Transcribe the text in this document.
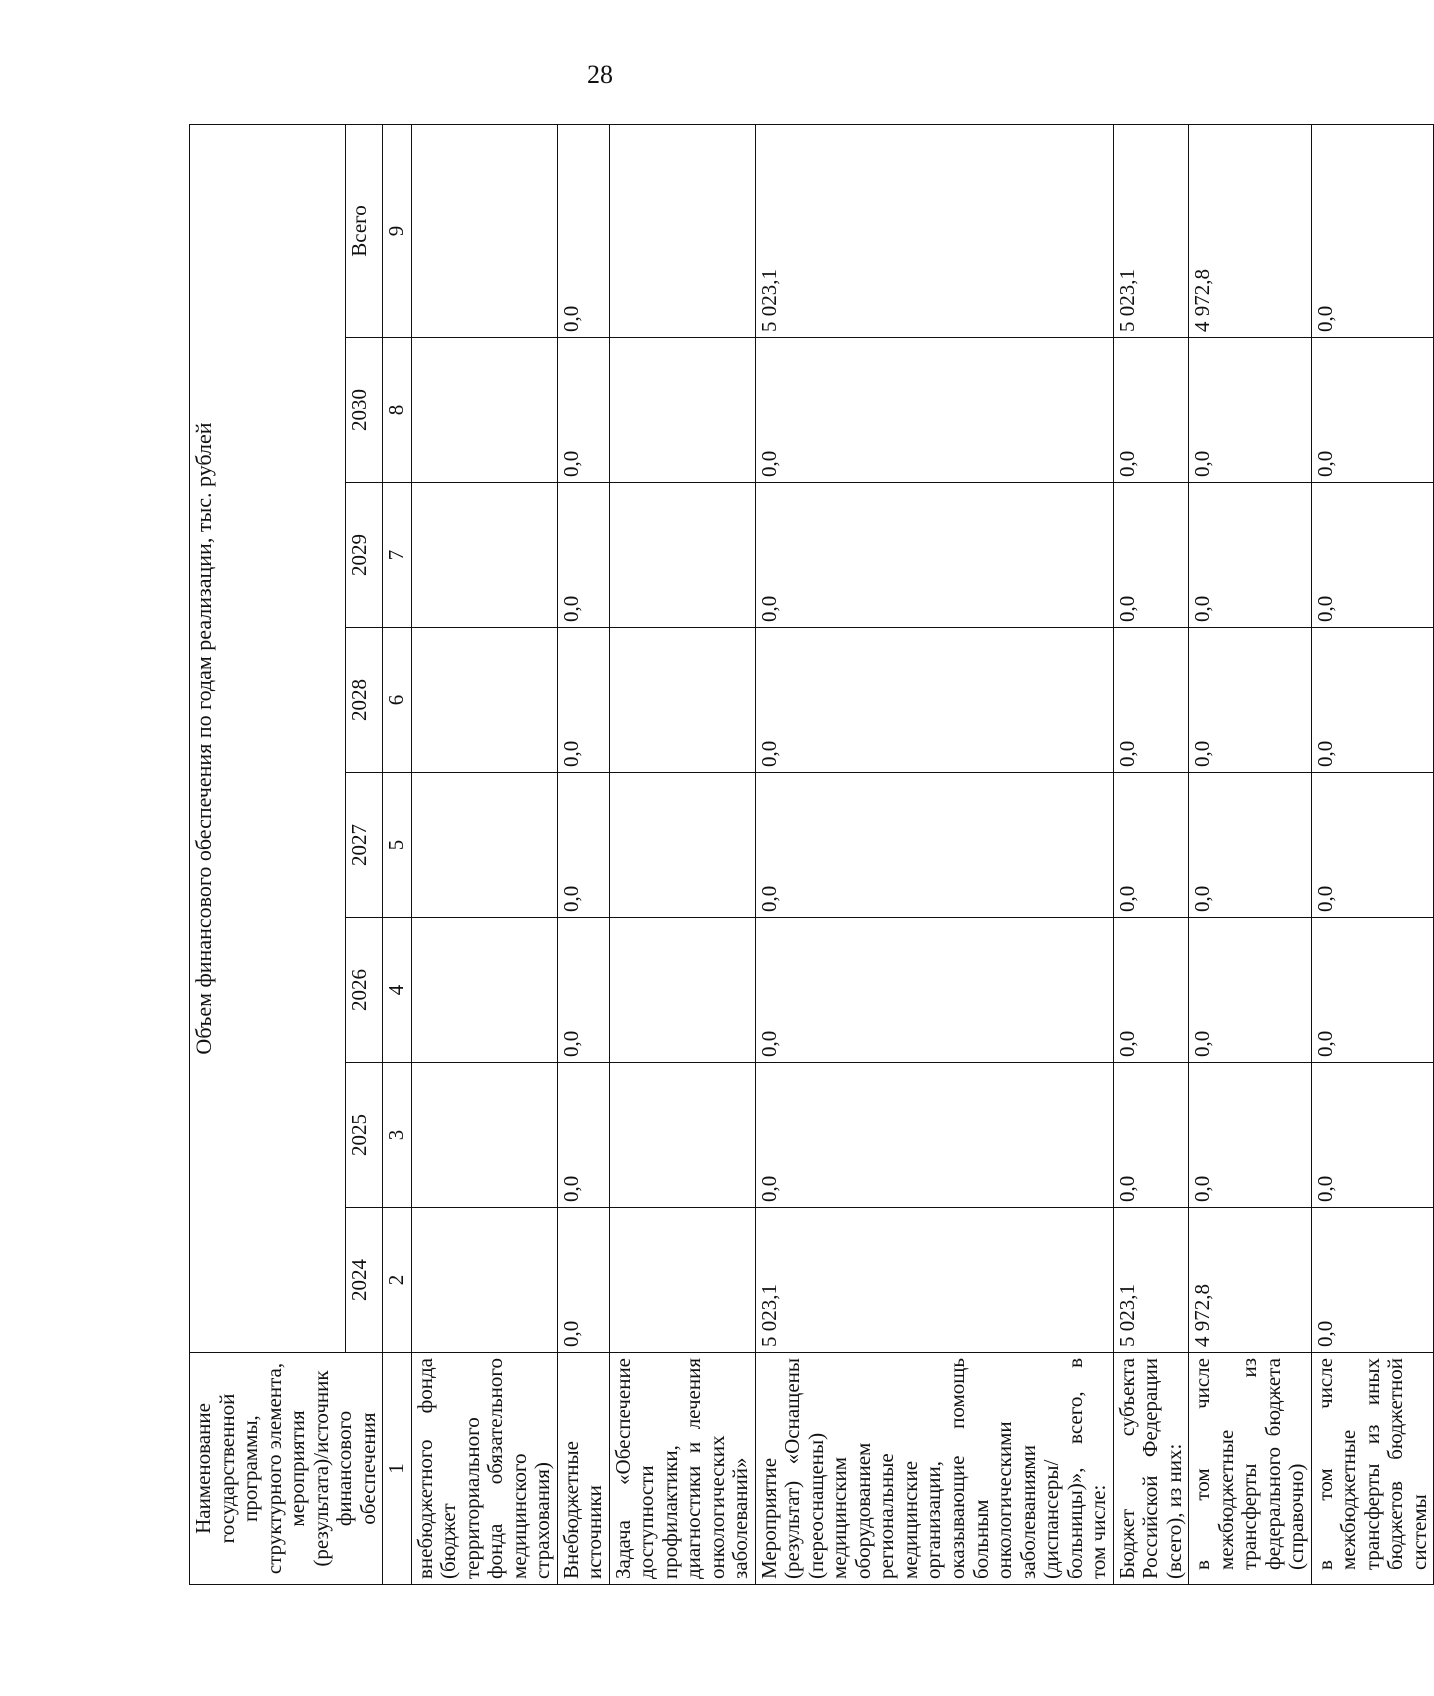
28
Наименование государственной программы, структурного элемента, мероприятия (результата)/источник финансового обеспечения	Объем финансового обеспечения по годам реализации, тыс. рублей							
	2024	2025	2026	2027	2028	2029	2030	Всего
1	2	3	4	5	6	7	8	9
внебюджетного фонда (бюджет территориального фонда обязательного медицинского страхования)								
Внебюджетные источники	0,0	0,0	0,0	0,0	0,0	0,0	0,0	0,0
Задача «Обеспечение доступности профилактики, диагностики и лечения онкологических заболеваний»								
Мероприятие (результат) «Оснащены (переоснащены) медицинским оборудованием региональные медицинские организации, оказывающие помощь больным онкологическими заболеваниями (диспансеры/больницы)», всего, в том числе:	5 023,1	0,0	0,0	0,0	0,0	0,0	0,0	5 023,1
Бюджет субъекта Российской Федерации (всего), из них:	5 023,1	0,0	0,0	0,0	0,0	0,0	0,0	5 023,1
в том числе межбюджетные трансферты из федерального бюджета (справочно)	4 972,8	0,0	0,0	0,0	0,0	0,0	0,0	4 972,8
в том числе межбюджетные трансферты из иных бюджетов бюджетной системы	0,0	0,0	0,0	0,0	0,0	0,0	0,0	0,0
